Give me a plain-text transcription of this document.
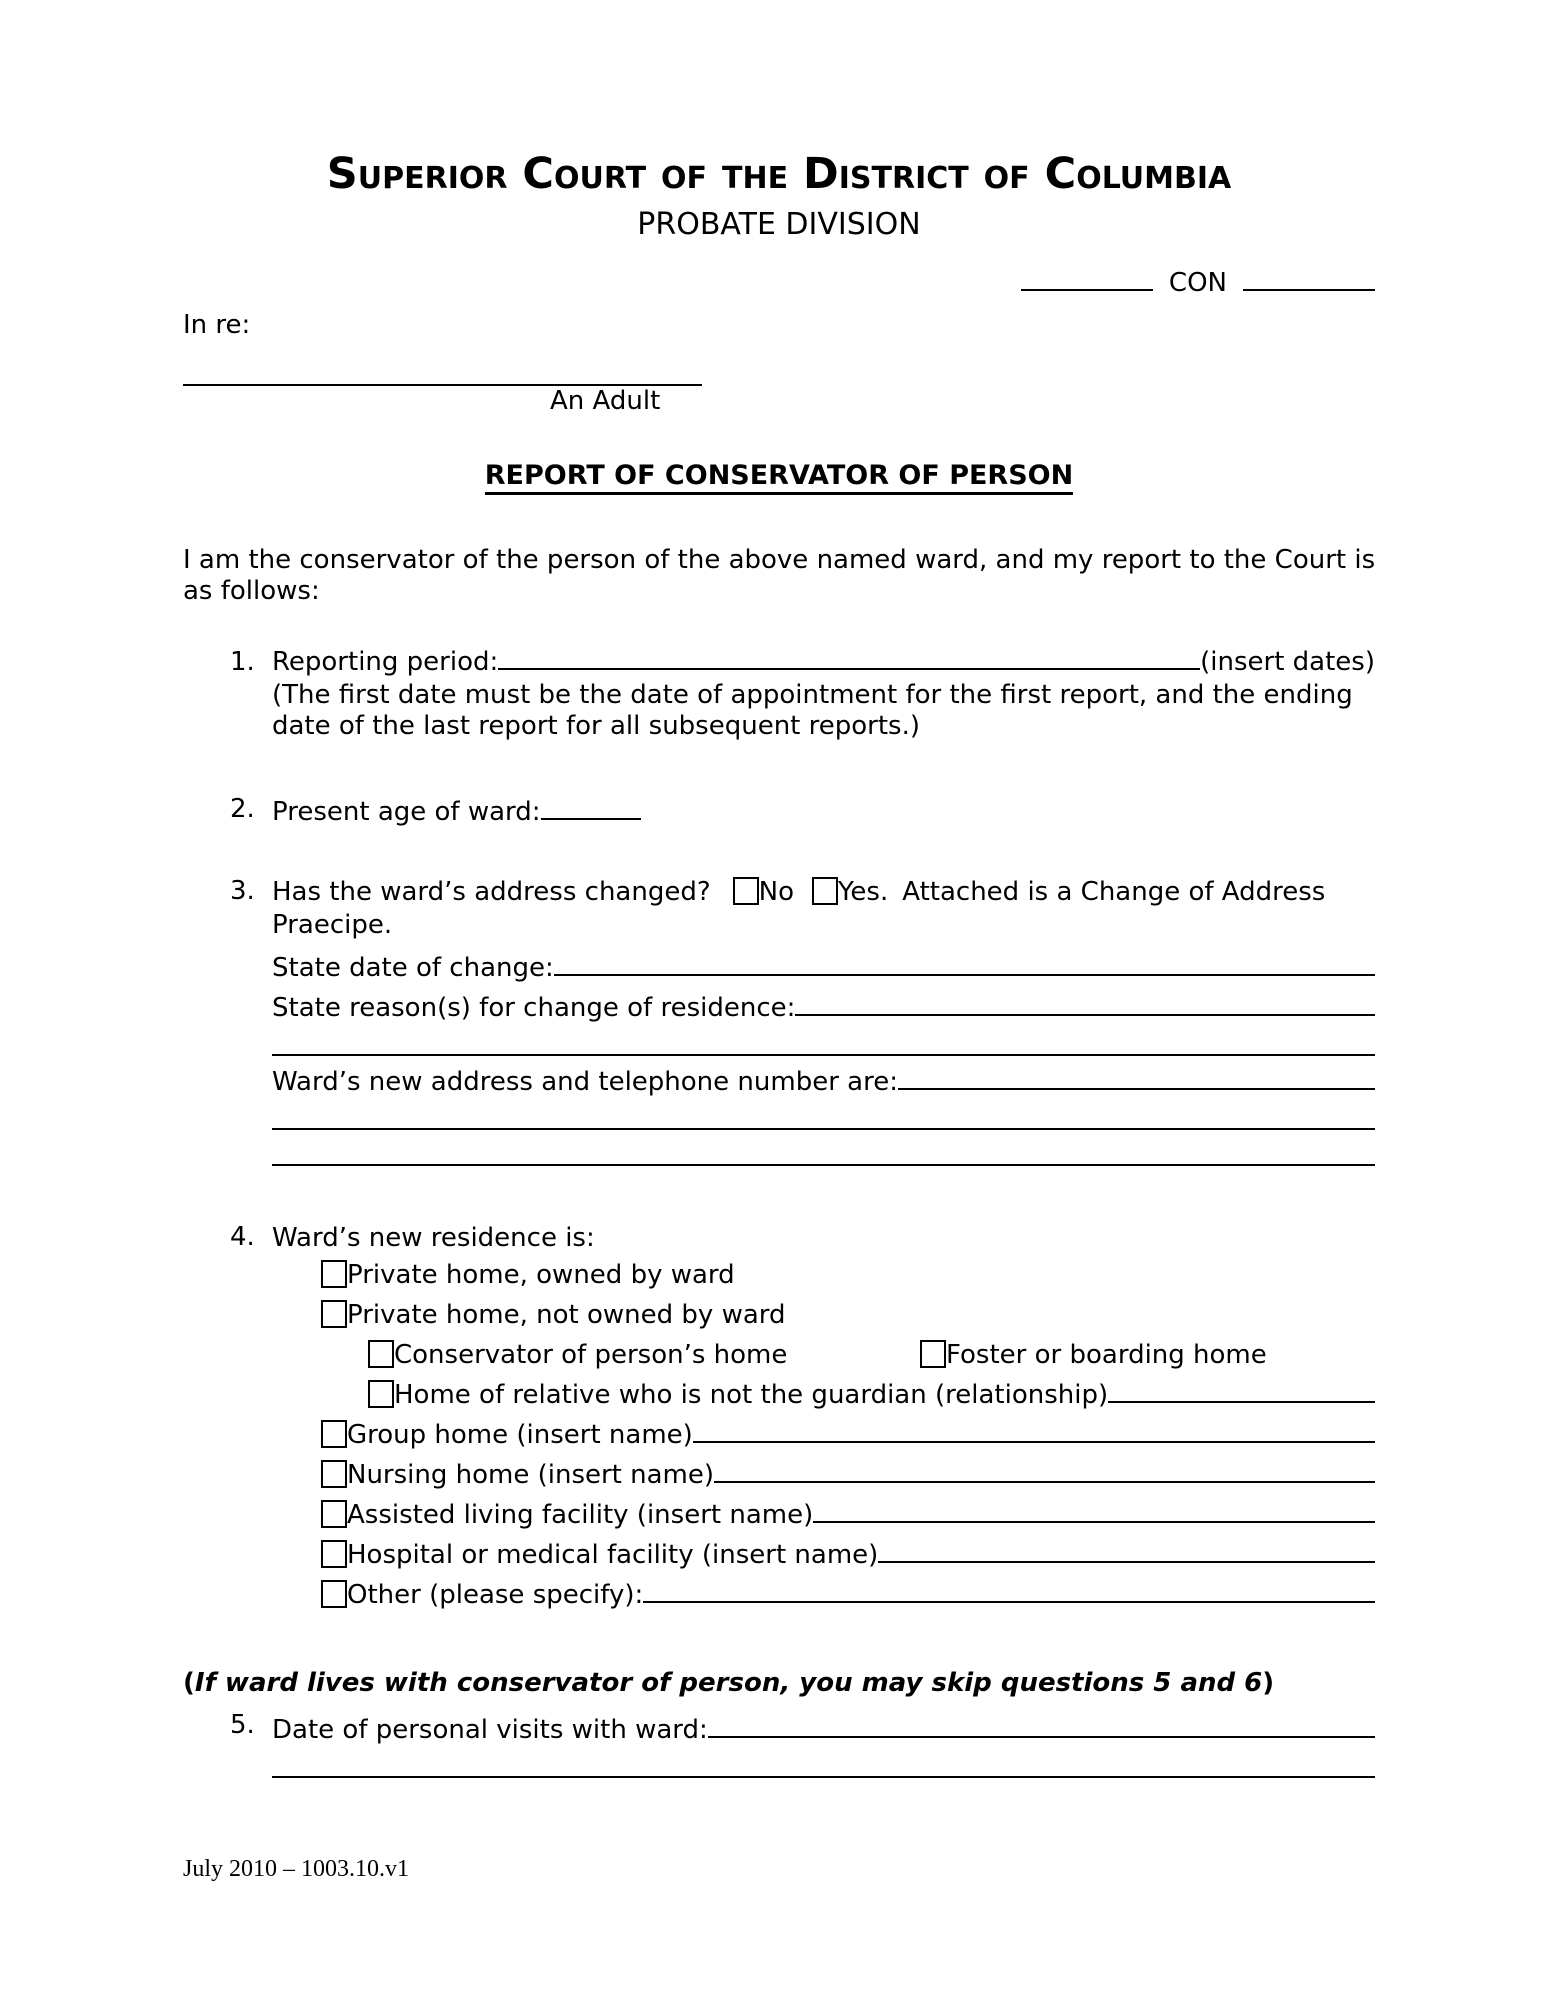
Superior Court of the District of Columbia
PROBATE DIVISION
CON
In re:
An Adult
REPORT OF CONSERVATOR OF PERSON

I am the conservator of the person of the above named ward, and my report to the Court is as follows:

1. Reporting period:	(insert dates)

(The first date must be the date of appointment for the first report, and the ending date of the last report for all subsequent reports.)

2. Present age of ward:
3. Has the ward’s address changed? No Yes. Attached is a Change of Address Praecipe.
State date of change:
State reason(s) for change of residence:
Ward’s new address and telephone number are:
4. Ward’s new residence is:
Private home, owned by ward
Private home, not owned by ward
Conservator of person’s home	Foster or boarding home
Home of relative who is not the guardian (relationship)
Group home (insert name)
Nursing home (insert name)
Assisted living facility (insert name)
Hospital or medical facility (insert name)
Other (please specify):
(If ward lives with conservator of person, you may skip questions 5 and 6)
5. Date of personal visits with ward:
July 2010 – 1003.10.v1
